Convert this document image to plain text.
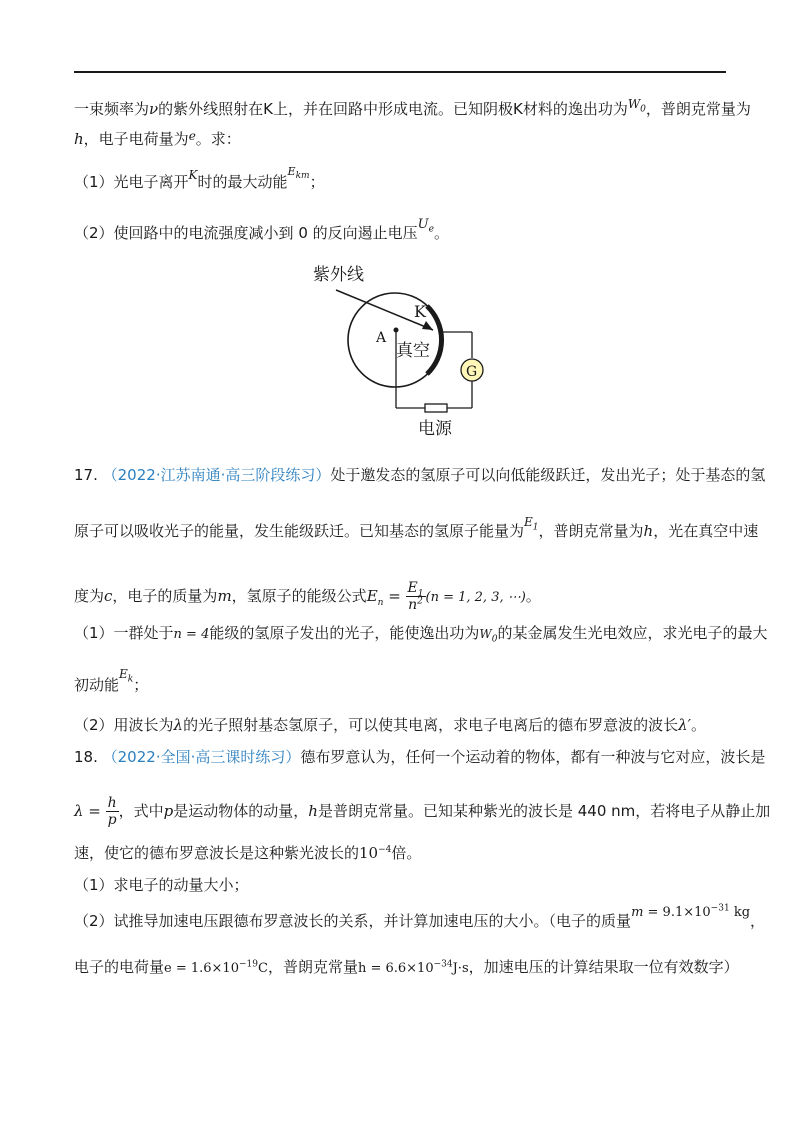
一束频率为ν的紫外线照射在K上，并在回路中形成电流。已知阴极K材料的逸出功为$W_0$，普朗克常量为
h，电子电荷量为$^e$。求：
（1）光电子离开K时的最大动能$E_{km}$；
（2）使回路中的电流强度减小到 0 的反向遏止电压$U_e$。
紫外线
K
A
真空
G
电源
17. （2022·江苏南通·高三阶段练习）处于邀发态的氢原子可以向低能级跃迁，发出光子；处于基态的氢
原子可以吸收光子的能量，发生能级跃迁。已知基态的氢原子能量为$E_1$，普朗克常量为h，光在真空中速
度为c，电子的质量为m，氢原子的能级公式$E_n = \frac{E_1}{n^2} (n = 1$, 2, 3, ⋯)。
（1）一群处于n = 4能级的氢原子发出的光子，能使逸出功为$W_0$的某金属发生光电效应，求光电子的最大
初动能$E_k$；
（2）用波长为λ的光子照射基态氢原子，可以使其电离，求电子电离后的德布罗意波的波长λ′。
18. （2022·全国·高三课时练习）德布罗意认为，任何一个运动着的物体，都有一种波与它对应，波长是
$\lambda = \frac{h}{p}$ ，式中p是运动物体的动量，h是普朗克常量。已知某种紫光的波长是 440 nm，若将电子从静止加
速，使它的德布罗意波长是这种紫光波长的$10^{-4}$倍。
（1）求电子的动量大小；
（2）试推导加速电压跟德布罗意波长的关系，并计算加速电压的大小。（电子的质量$m = 9.1\times 10^{-31}$ kg，
电子的电荷量$e = 1.6\times 10^{-19}C$，普朗克常量$h = 6.6\times 10^{-34}J\cdot s$，加速电压的计算结果取一位有效数字）
